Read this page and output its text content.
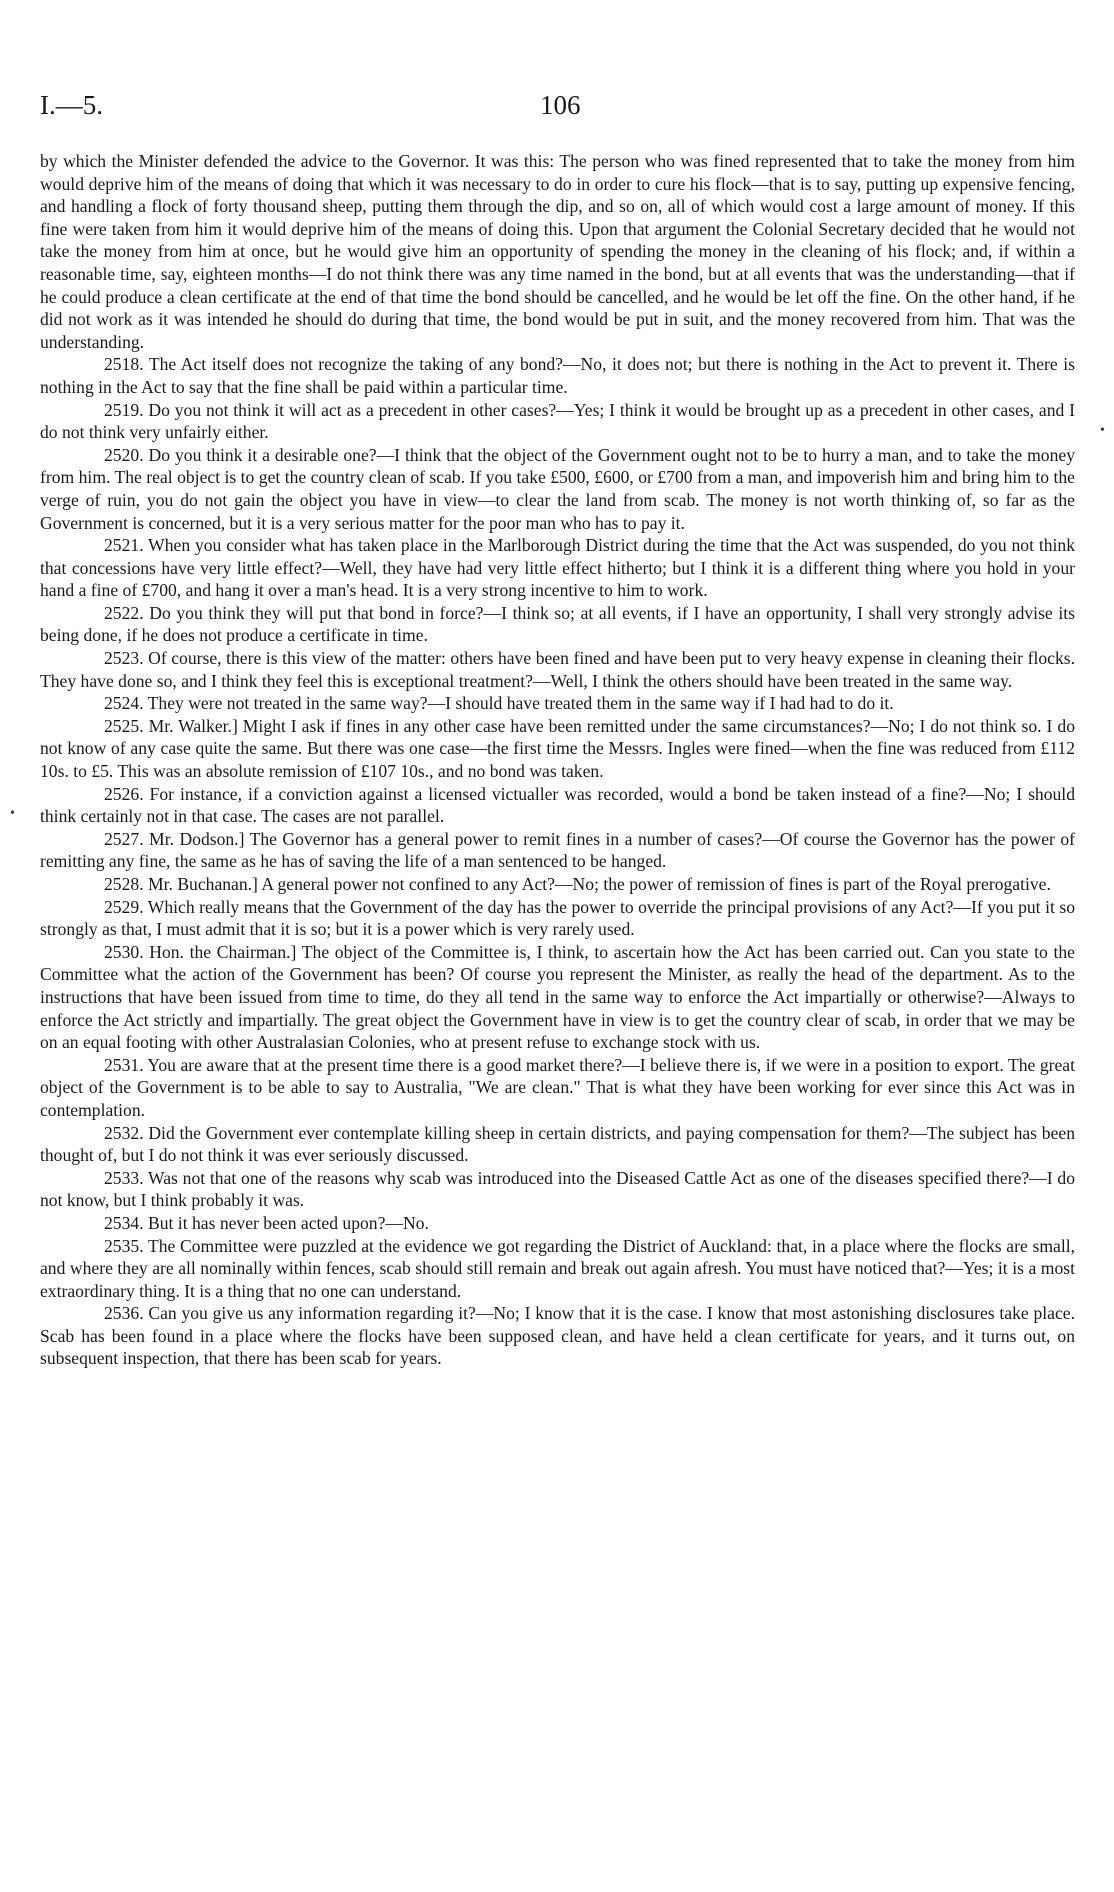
I.—5.	106

by which the Minister defended the advice to the Governor. It was this: The person who was fined represented that to take the money from him would deprive him of the means of doing that which it was necessary to do in order to cure his flock—that is to say, putting up expensive fencing, and handling a flock of forty thousand sheep, putting them through the dip, and so on, all of which would cost a large amount of money. If this fine were taken from him it would deprive him of the means of doing this. Upon that argument the Colonial Secretary decided that he would not take the money from him at once, but he would give him an opportunity of spending the money in the cleaning of his flock; and, if within a reasonable time, say, eighteen months—I do not think there was any time named in the bond, but at all events that was the understanding—that if he could produce a clean certificate at the end of that time the bond should be cancelled, and he would be let off the fine. On the other hand, if he did not work as it was intended he should do during that time, the bond would be put in suit, and the money recovered from him. That was the understanding.

2518. The Act itself does not recognize the taking of any bond?—No, it does not; but there is nothing in the Act to prevent it. There is nothing in the Act to say that the fine shall be paid within a particular time.

2519. Do you not think it will act as a precedent in other cases?—Yes; I think it would be brought up as a precedent in other cases, and I do not think very unfairly either.

2520. Do you think it a desirable one?—I think that the object of the Government ought not to be to hurry a man, and to take the money from him. The real object is to get the country clean of scab. If you take £500, £600, or £700 from a man, and impoverish him and bring him to the verge of ruin, you do not gain the object you have in view—to clear the land from scab. The money is not worth thinking of, so far as the Government is concerned, but it is a very serious matter for the poor man who has to pay it.

2521. When you consider what has taken place in the Marlborough District during the time that the Act was suspended, do you not think that concessions have very little effect?—Well, they have had very little effect hitherto; but I think it is a different thing where you hold in your hand a fine of £700, and hang it over a man's head. It is a very strong incentive to him to work.

2522. Do you think they will put that bond in force?—I think so; at all events, if I have an opportunity, I shall very strongly advise its being done, if he does not produce a certificate in time.

2523. Of course, there is this view of the matter: others have been fined and have been put to very heavy expense in cleaning their flocks. They have done so, and I think they feel this is exceptional treatment?—Well, I think the others should have been treated in the same way.

2524. They were not treated in the same way?—I should have treated them in the same way if I had had to do it.

2525. Mr. Walker.] Might I ask if fines in any other case have been remitted under the same circumstances?—No; I do not think so. I do not know of any case quite the same. But there was one case—the first time the Messrs. Ingles were fined—when the fine was reduced from £112 10s. to £5. This was an absolute remission of £107 10s., and no bond was taken.

2526. For instance, if a conviction against a licensed victualler was recorded, would a bond be taken instead of a fine?—No; I should think certainly not in that case. The cases are not parallel.

2527. Mr. Dodson.] The Governor has a general power to remit fines in a number of cases?—Of course the Governor has the power of remitting any fine, the same as he has of saving the life of a man sentenced to be hanged.

2528. Mr. Buchanan.] A general power not confined to any Act?—No; the power of remission of fines is part of the Royal prerogative.

2529. Which really means that the Government of the day has the power to override the principal provisions of any Act?—If you put it so strongly as that, I must admit that it is so; but it is a power which is very rarely used.

2530. Hon. the Chairman.] The object of the Committee is, I think, to ascertain how the Act has been carried out. Can you state to the Committee what the action of the Government has been? Of course you represent the Minister, as really the head of the department. As to the instructions that have been issued from time to time, do they all tend in the same way to enforce the Act impartially or otherwise?—Always to enforce the Act strictly and impartially. The great object the Government have in view is to get the country clear of scab, in order that we may be on an equal footing with other Australasian Colonies, who at present refuse to exchange stock with us.

2531. You are aware that at the present time there is a good market there?—I believe there is, if we were in a position to export. The great object of the Government is to be able to say to Australia, "We are clean." That is what they have been working for ever since this Act was in contemplation.

2532. Did the Government ever contemplate killing sheep in certain districts, and paying compensation for them?—The subject has been thought of, but I do not think it was ever seriously discussed.

2533. Was not that one of the reasons why scab was introduced into the Diseased Cattle Act as one of the diseases specified there?—I do not know, but I think probably it was.

2534. But it has never been acted upon?—No.

2535. The Committee were puzzled at the evidence we got regarding the District of Auckland: that, in a place where the flocks are small, and where they are all nominally within fences, scab should still remain and break out again afresh. You must have noticed that?—Yes; it is a most extraordinary thing. It is a thing that no one can understand.

2536. Can you give us any information regarding it?—No; I know that it is the case. I know that most astonishing disclosures take place. Scab has been found in a place where the flocks have been supposed clean, and have held a clean certificate for years, and it turns out, on subsequent inspection, that there has been scab for years.

•
•
